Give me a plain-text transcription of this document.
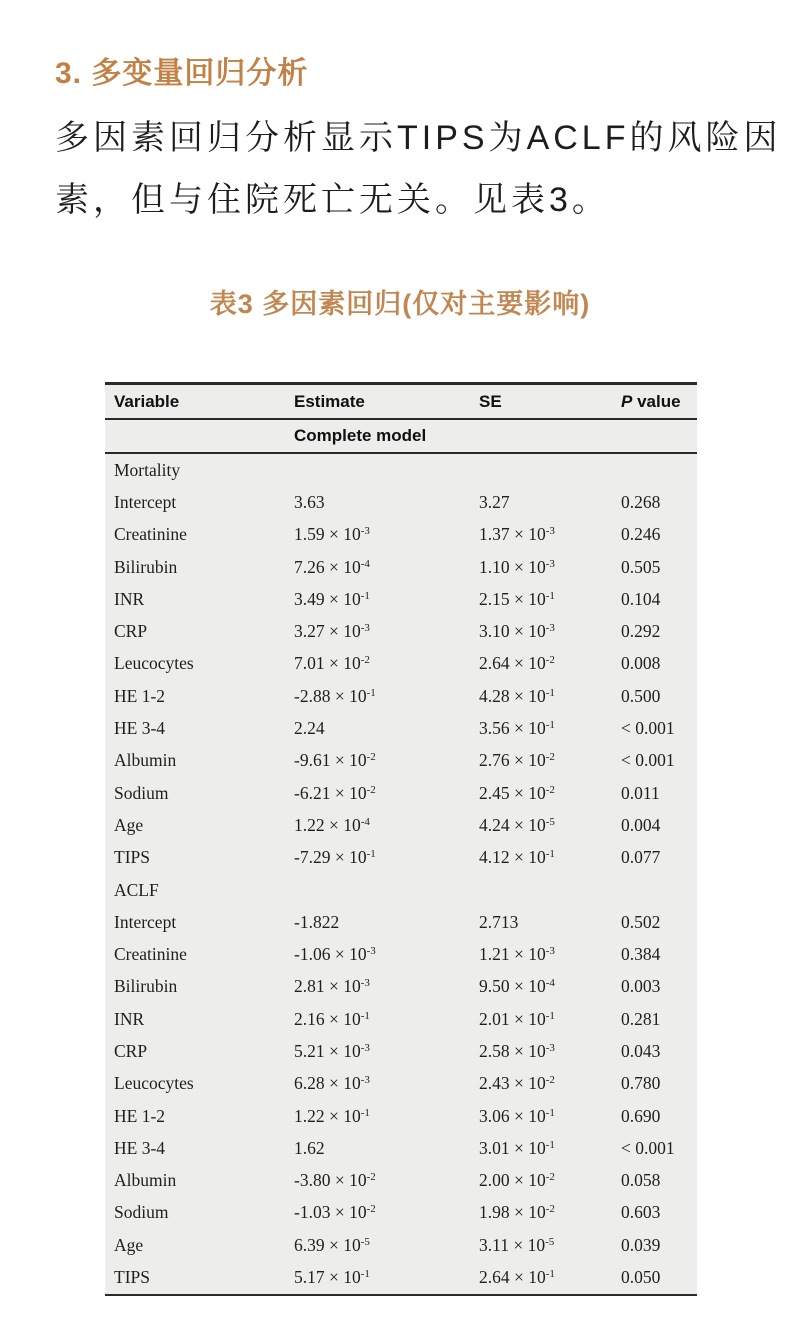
3. 多变量回归分析

多因素回归分析显示TIPS为ACLF的风险因

素，但与住院死亡无关。见表3。

表3 多因素回归(仅对主要影响)
Variable	Estimate	SE	P value
Complete model
Mortality
Intercept	3.63	3.27	0.268
Creatinine	$1.59 \times 10^{-3}$	$1.37 \times 10^{-3}$	0.246
Bilirubin	$7.26 \times 10^{-4}$	$1.10 \times 10^{-3}$	0.505
INR	$3.49 \times 10^{-1}$	$2.15 \times 10^{-1}$	0.104
CRP	$3.27 \times 10^{-3}$	$3.10 \times 10^{-3}$	0.292
Leucocytes	$7.01 \times 10^{-2}$	$2.64 \times 10^{-2}$	0.008
HE 1-2	$-2.88 \times 10^{-1}$	$4.28 \times 10^{-1}$	0.500
HE 3-4	2.24	$3.56 \times 10^{-1}$	< 0.001
Albumin	$-9.61 \times 10^{-2}$	$2.76 \times 10^{-2}$	< 0.001
Sodium	$-6.21 \times 10^{-2}$	$2.45 \times 10^{-2}$	0.011
Age	$1.22 \times 10^{-4}$	$4.24 \times 10^{-5}$	0.004
TIPS	$-7.29 \times 10^{-1}$	$4.12 \times 10^{-1}$	0.077
ACLF
Intercept	-1.822	2.713	0.502
Creatinine	$-1.06 \times 10^{-3}$	$1.21 \times 10^{-3}$	0.384
Bilirubin	$2.81 \times 10^{-3}$	$9.50 \times 10^{-4}$	0.003
INR	$2.16 \times 10^{-1}$	$2.01 \times 10^{-1}$	0.281
CRP	$5.21 \times 10^{-3}$	$2.58 \times 10^{-3}$	0.043
Leucocytes	$6.28 \times 10^{-3}$	$2.43 \times 10^{-2}$	0.780
HE 1-2	$1.22 \times 10^{-1}$	$3.06 \times 10^{-1}$	0.690
HE 3-4	1.62	$3.01 \times 10^{-1}$	< 0.001
Albumin	$-3.80 \times 10^{-2}$	$2.00 \times 10^{-2}$	0.058
Sodium	$-1.03 \times 10^{-2}$	$1.98 \times 10^{-2}$	0.603
Age	$6.39 \times 10^{-5}$	$3.11 \times 10^{-5}$	0.039
TIPS	$5.17 \times 10^{-1}$	$2.64 \times 10^{-1}$	0.050
